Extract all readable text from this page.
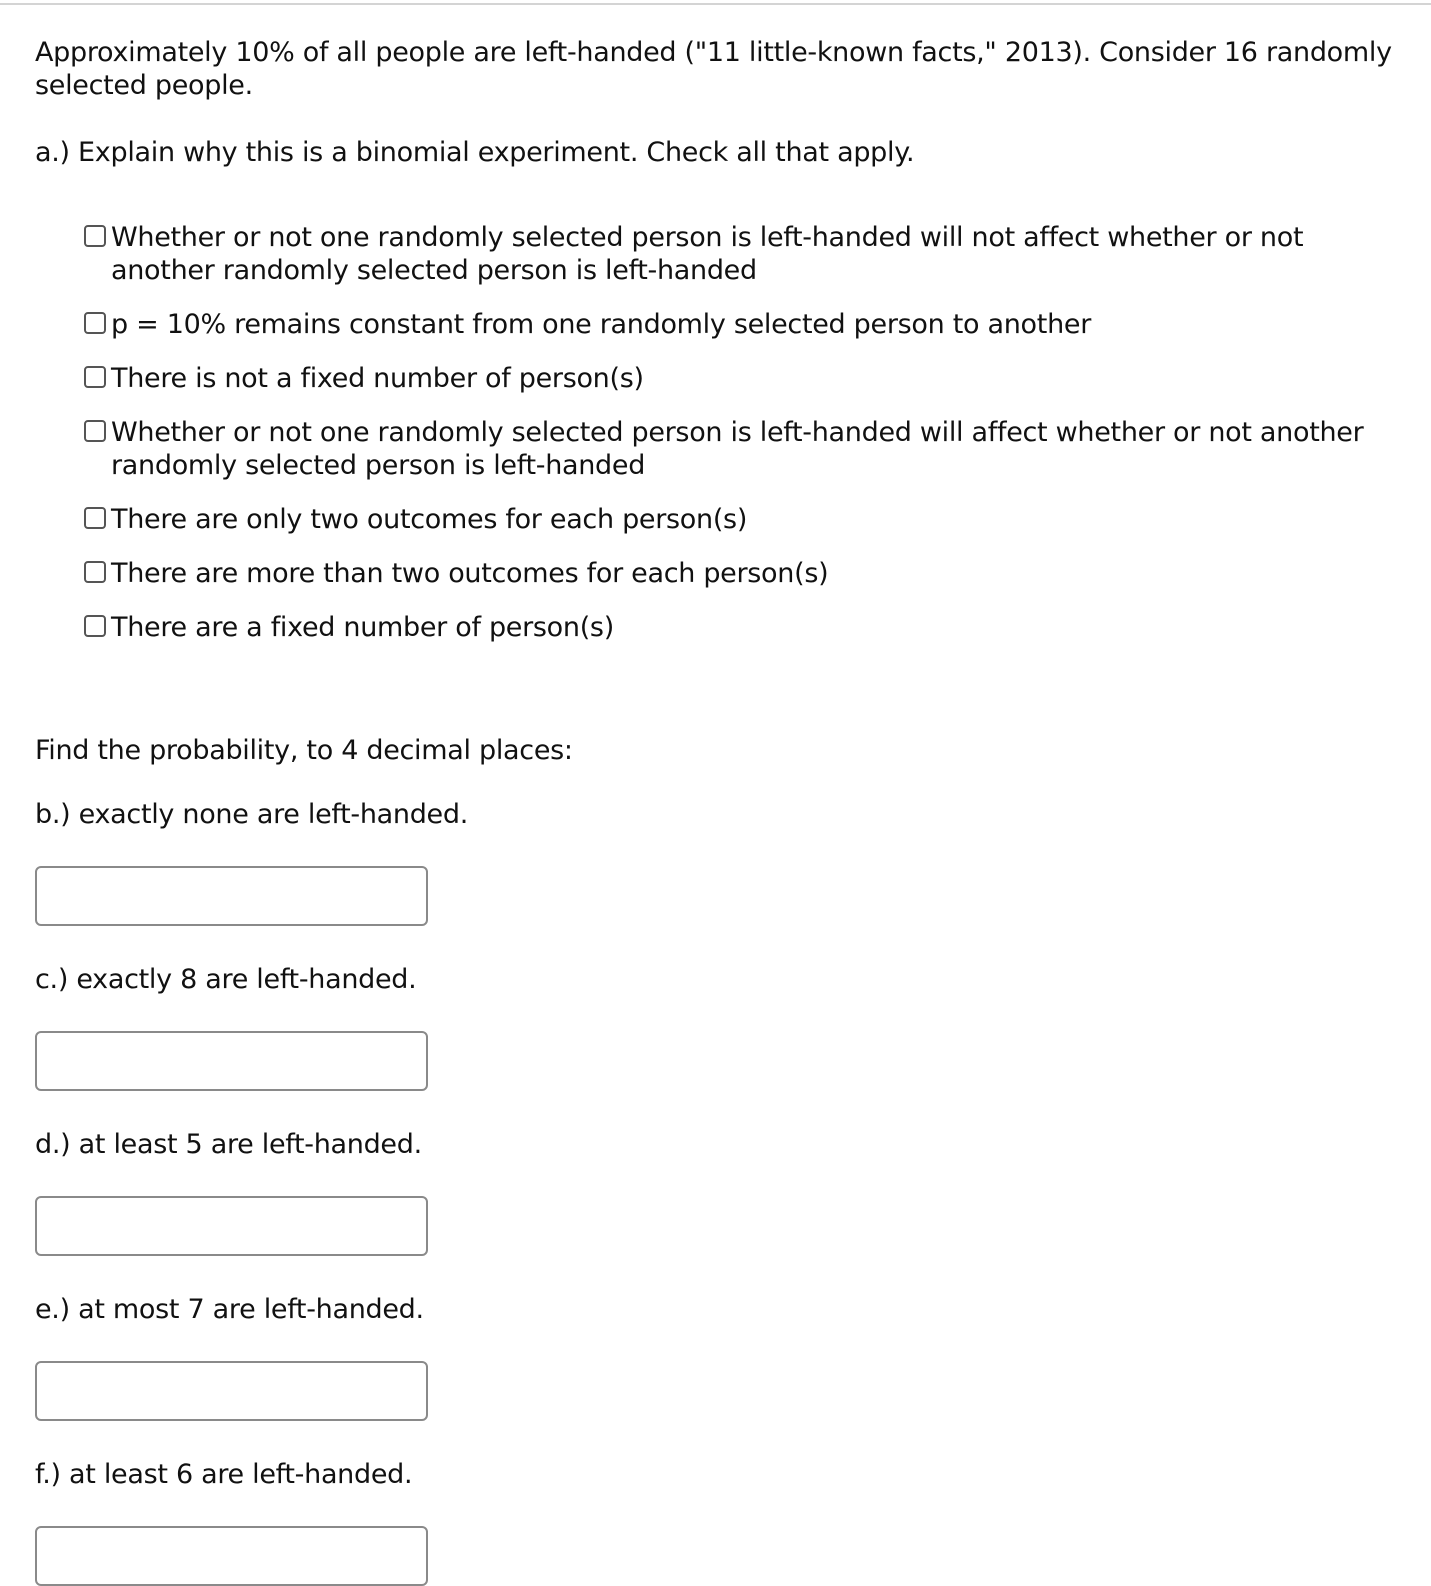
Approximately 10% of all people are left-handed ("11 little-known facts," 2013). Consider 16 randomly selected people.

a.) Explain why this is a binomial experiment. Check all that apply.

Whether or not one randomly selected person is left-handed will not affect whether or not another randomly selected person is left-handed
p = 10% remains constant from one randomly selected person to another
There is not a fixed number of person(s)
Whether or not one randomly selected person is left-handed will affect whether or not another randomly selected person is left-handed
There are only two outcomes for each person(s)
There are more than two outcomes for each person(s)
There are a fixed number of person(s)

Find the probability, to 4 decimal places:

b.) exactly none are left-handed.

c.) exactly 8 are left-handed.

d.) at least 5 are left-handed.

e.) at most 7 are left-handed.

f.) at least 6 are left-handed.
